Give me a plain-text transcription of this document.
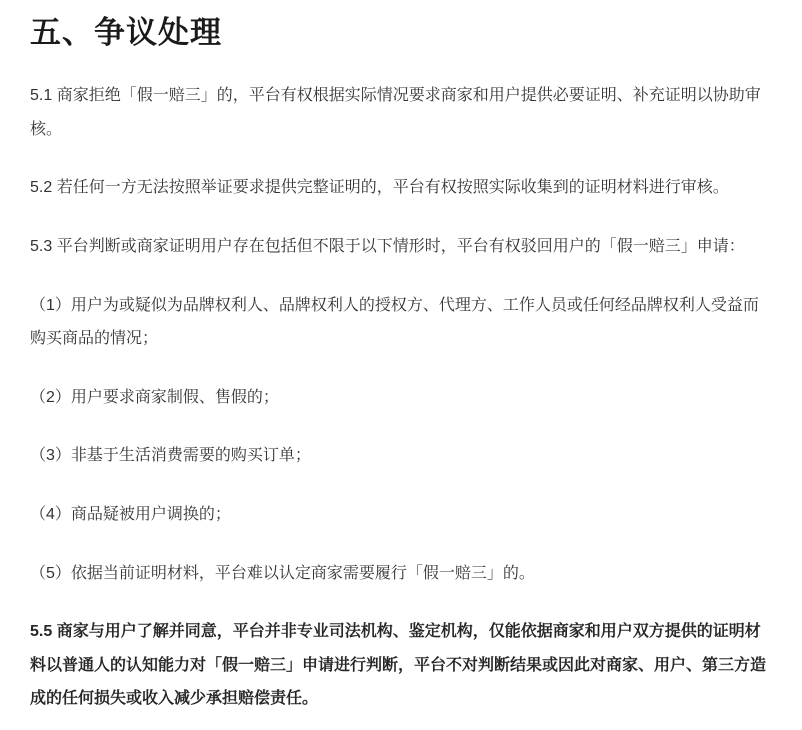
五、争议处理

5.1 商家拒绝「假一赔三」的，平台有权根据实际情况要求商家和用户提供必要证明、补充证明以协助审核。

5.2 若任何一方无法按照举证要求提供完整证明的，平台有权按照实际收集到的证明材料进行审核。

5.3 平台判断或商家证明用户存在包括但不限于以下情形时，平台有权驳回用户的「假一赔三」申请：

（1）用户为或疑似为品牌权利人、品牌权利人的授权方、代理方、工作人员或任何经品牌权利人受益而购买商品的情况；

（2）用户要求商家制假、售假的；

（3）非基于生活消费需要的购买订单；

（4）商品疑被用户调换的；

（5）依据当前证明材料，平台难以认定商家需要履行「假一赔三」的。

5.5 商家与用户了解并同意，平台并非专业司法机构、鉴定机构，仅能依据商家和用户双方提供的证明材料以普通人的认知能力对「假一赔三」申请进行判断，平台不对判断结果或因此对商家、用户、第三方造成的任何损失或收入减少承担赔偿责任。
